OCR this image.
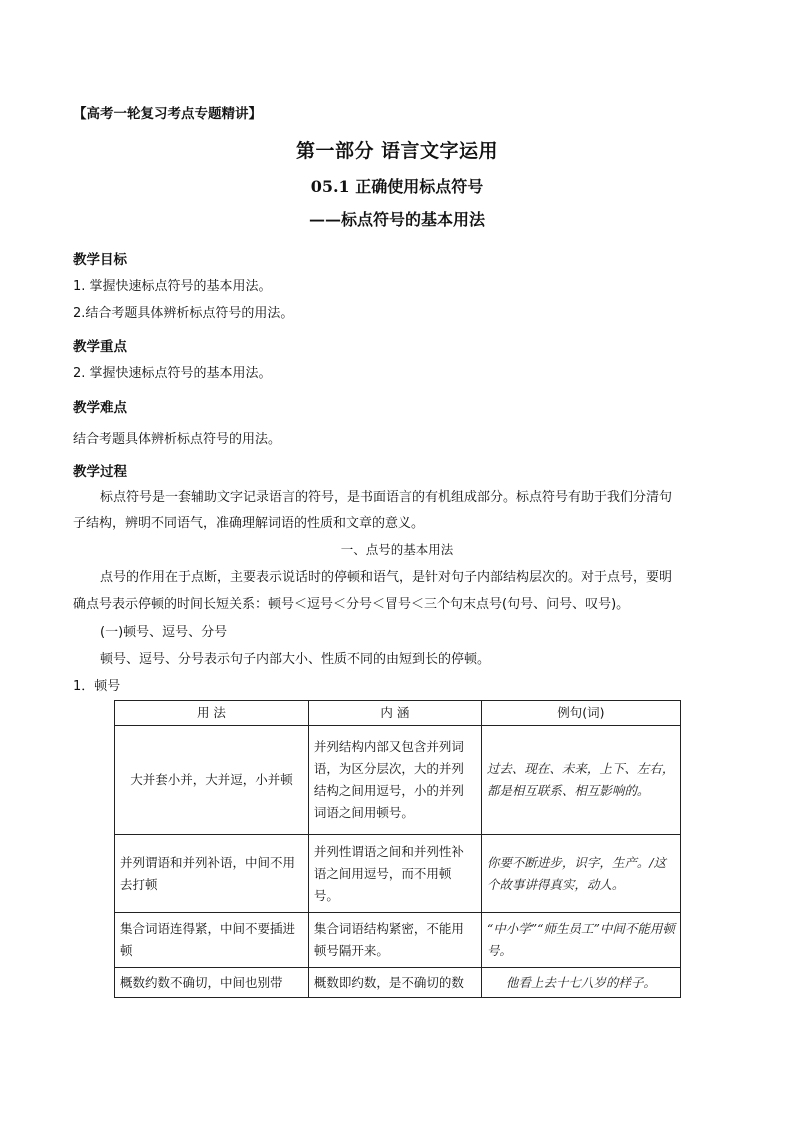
【高考一轮复习考点专题精讲】
第一部分 语言文字运用
05.1 正确使用标点符号
——标点符号的基本用法
教学目标
1. 掌握快速标点符号的基本用法。
2.结合考题具体辨析标点符号的用法。
教学重点
2. 掌握快速标点符号的基本用法。
教学难点
结合考题具体辨析标点符号的用法。
教学过程
标点符号是一套辅助文字记录语言的符号，是书面语言的有机组成部分。标点符号有助于我们分清句
子结构，辨明不同语气，准确理解词语的性质和文章的意义。
一、点号的基本用法
点号的作用在于点断，主要表示说话时的停顿和语气，是针对句子内部结构层次的。对于点号，要明
确点号表示停顿的时间长短关系：顿号＜逗号＜分号＜冒号＜三个句末点号(句号、问号、叹号)。
(一)顿号、逗号、分号
顿号、逗号、分号表示句子内部大小、性质不同的由短到长的停顿。
1．顿号
用 法	内 涵	例句(词)
大并套小并，大并逗，小并顿	并列结构内部又包含并列词语，为区分层次，大的并列结构之间用逗号，小的并列词语之间用顿号。	过去、现在、未来，上下、左右，都是相互联系、相互影响的。
并列谓语和并列补语，中间不用去打顿	并列性谓语之间和并列性补语之间用逗号，而不用顿号。	你要不断进步，识字，生产。/这个故事讲得真实，动人。
集合词语连得紧，中间不要插进顿	集合词语结构紧密，不能用顿号隔开来。	“中小学”“师生员工”中间不能用顿号。
概数约数不确切，中间也别带	概数即约数，是不确切的数	他看上去十七八岁的样子。
